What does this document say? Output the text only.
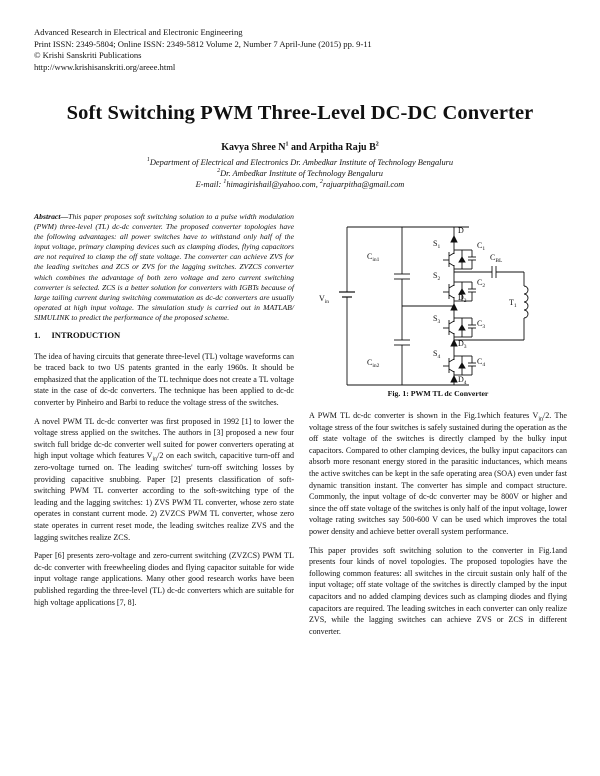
Advanced Research in Electrical and Electronic Engineering
Print ISSN: 2349-5804; Online ISSN: 2349-5812 Volume 2, Number 7 April-June (2015) pp. 9-11
© Krishi Sanskriti Publications
http://www.krishisanskriti.org/areee.html
Soft Switching PWM Three-Level DC-DC Converter
Kavya Shree $N^1$ and Arpitha Raju $B^2$
$^1$Department of Electrical and Electronics Dr. Ambedkar Institute of Technology Bengaluru
$^2$Dr. Ambedkar Institute of Technology Bengaluru
E-mail: $^1$himagirishail@yahoo.com, $^2$rajuarpitha@gmail.com

Abstract—This paper proposes soft switching solution to a pulse width modulation (PWM) three-level (TL) dc-dc converter. The proposed converter topologies have the following advantages: all power switches have to withstand only half of the input voltage, primary clamping devices such as clamping diodes, flying capacitors are not required to clamp the off state voltage. The converter can achieve ZVS for the leading switches and ZCS or ZVS for the lagging switches. ZVZCS converter which combines the advantage of both zero voltage and zero current switching converter is selected. ZCS is a better solution for converters with IGBTs because of large tailing current during switching commutation as dc-dc converters are usually operated at high input voltage. The simulation study is carried out in MATLAB/ SIMULINK to predict the performance of the proposed scheme.

1. INTRODUCTION

The idea of having circuits that generate three-level (TL) voltage waveforms can be traced back to two US patents granted in the early 1960s. It should be emphasized that the application of the TL technique does not create a TL voltage state in the case of dc-dc converters. The technique has been applied to dc-dc converter by Pinheiro and Barbi to reduce the voltage stress of the switches.

A novel PWM TL dc-dc converter was first proposed in 1992 [1] to lower the voltage stress applied on the switches. The authors in [3] proposed a new four switch full bridge dc-dc converter well suited for power converters operating at high input voltage which features $V_{in}/2$ on each switch, capacitive turn-off and zero-voltage turned on. The leading switches' turn-off switching losses by providing capacitive snubbing. Paper [2] presents classification of soft-switching PWM TL converter according to the soft-switching type of the leading and the lagging switches: 1) ZVS PWM TL converter, whose zero state operates in constant current mode. 2) ZVZCS PWM TL converter, whose zero state operates in current reset mode, the leading switches realize ZVS and the lagging switches realize ZCS.

Paper [6] presents zero-voltage and zero-current switching (ZVZCS) PWM TL dc-dc converter with freewheeling diodes and flying capacitor suitable for wide input voltage range applications. Many other good research works have been published regarding the three-level (TL) dc-dc converters which are suitable for high voltage applications [7, 8].

$V_{in}$
$C_{in1}$
$C_{in2}$
D
$S_1$
$S_2$
$S_3$
$S_4$
$C_1$
$C_2$
$C_3$
$C_4$
$C_{BL}$
$D_2$
$D_3$
$D_4$
$T_1$
Fig. 1: PWM TL dc Converter

A PWM TL dc-dc converter is shown in the Fig.1which features $V_{in}/2$. The voltage stress of the four switches is safely sustained during the operation as the off state voltage of the switches is directly clamped by the bulky input capacitors. Compared to other clamping devices, the bulky input capacitors can absorb more resonant energy stored in the parasitic inductances, which means the active switches can be kept in the safe operating area (SOA) even under fast dynamic transition instant. The converter has simple and compact structure. Commonly, the input voltage of dc-dc converter may be 800V or higher and since the off state voltage of the switches is only half of the input voltage, lower voltage rating switches say 500-600 V can be used which improves the total power density and achieve better overall system performance.

This paper provides soft switching solution to the converter in Fig.1and presents four kinds of novel topologies. The proposed topologies have the following common features: all switches in the circuit sustain only half of the input voltage; off state voltage of the switches is directly clamped by the input capacitors and no added clamping devices such as clamping diodes and flying capacitors are required. The leading switches in each converter can only realize ZVS, while the lagging switches can achieve ZVS or ZCS in different converter.
